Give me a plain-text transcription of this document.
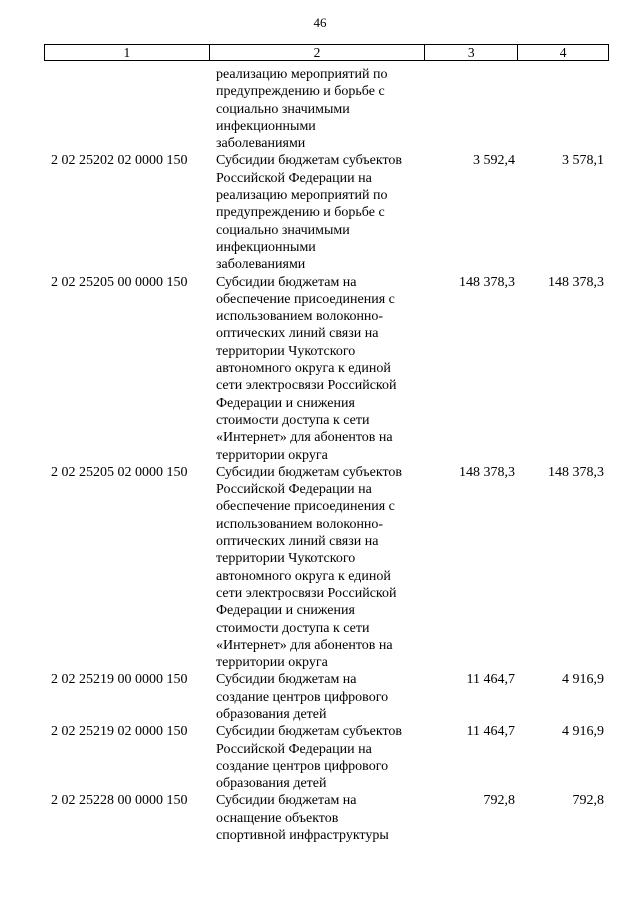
46
1	2	3	4
реализацию мероприятий по
предупреждению и борьбе с
социально значимыми
инфекционными
заболеваниями
2 02 25202 02 0000 150	Субсидии бюджетам субъектов
Российской Федерации на
реализацию мероприятий по
предупреждению и борьбе с
социально значимыми
инфекционными
заболеваниями
3 592,4	3 578,1
2 02 25205 00 0000 150	Субсидии бюджетам на
обеспечение присоединения с
использованием волоконно-
оптических линий связи на
территории Чукотского
автономного округа к единой
сети электросвязи Российской
Федерации и снижения
стоимости доступа к сети
«Интернет» для абонентов на
территории округа
148 378,3	148 378,3
2 02 25205 02 0000 150	Субсидии бюджетам субъектов
Российской Федерации на
обеспечение присоединения с
использованием волоконно-
оптических линий связи на
территории Чукотского
автономного округа к единой
сети электросвязи Российской
Федерации и снижения
стоимости доступа к сети
«Интернет» для абонентов на
территории округа
148 378,3	148 378,3
2 02 25219 00 0000 150	Субсидии бюджетам на
создание центров цифрового
образования детей
11 464,7	4 916,9
2 02 25219 02 0000 150	Субсидии бюджетам субъектов
Российской Федерации на
создание центров цифрового
образования детей
11 464,7	4 916,9
2 02 25228 00 0000 150	Субсидии бюджетам на
оснащение объектов
спортивной инфраструктуры
792,8	792,8
